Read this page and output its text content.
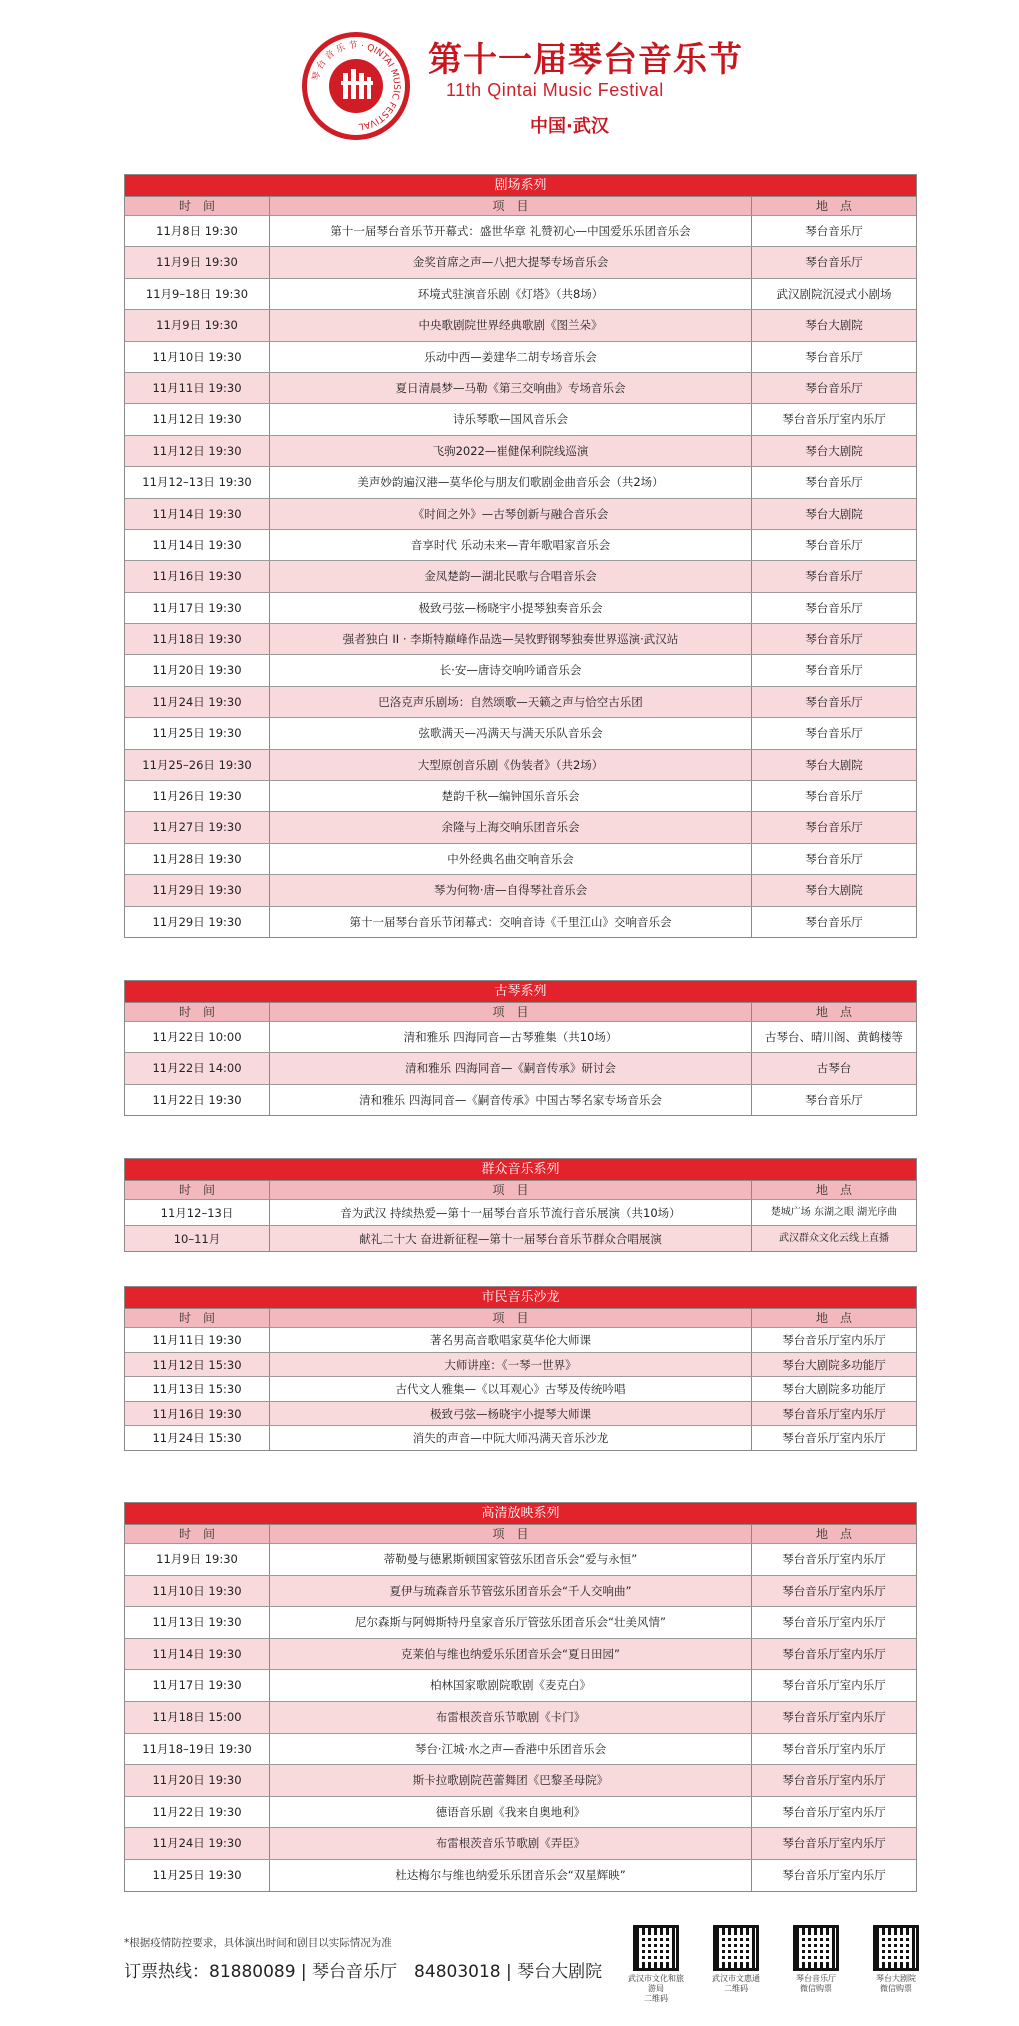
琴 台 音 乐 节 · QINTAI MUSIC FESTIVAL
第十一届琴台音乐节
11th Qintai Music Festival
中国·武汉
剧场系列
时　间	项　目	地　点
11月8日 19:30	第十一届琴台音乐节开幕式：盛世华章 礼赞初心—中国爱乐乐团音乐会	琴台音乐厅
11月9日 19:30	金奖首席之声—八把大提琴专场音乐会	琴台音乐厅
11月9–18日 19:30	环境式驻演音乐剧《灯塔》（共8场）	武汉剧院沉浸式小剧场
11月9日 19:30	中央歌剧院世界经典歌剧《图兰朵》	琴台大剧院
11月10日 19:30	乐动中西—姜建华二胡专场音乐会	琴台音乐厅
11月11日 19:30	夏日清晨梦—马勒《第三交响曲》专场音乐会	琴台音乐厅
11月12日 19:30	诗乐琴歌—国风音乐会	琴台音乐厅室内乐厅
11月12日 19:30	飞驹2022—崔健保利院线巡演	琴台大剧院
11月12–13日 19:30	美声妙韵遍汉港—莫华伦与朋友们歌剧金曲音乐会（共2场）	琴台音乐厅
11月14日 19:30	《时间之外》—古琴创新与融合音乐会	琴台大剧院
11月14日 19:30	音享时代 乐动未来—青年歌唱家音乐会	琴台音乐厅
11月16日 19:30	金凤楚韵—湖北民歌与合唱音乐会	琴台音乐厅
11月17日 19:30	极致弓弦—杨晓宇小提琴独奏音乐会	琴台音乐厅
11月18日 19:30	强者独白 II · 李斯特巅峰作品选—吴牧野钢琴独奏世界巡演·武汉站	琴台音乐厅
11月20日 19:30	长·安—唐诗交响吟诵音乐会	琴台音乐厅
11月24日 19:30	巴洛克声乐剧场：自然颂歌—天籁之声与恰空古乐团	琴台音乐厅
11月25日 19:30	弦歌满天—冯满天与满天乐队音乐会	琴台音乐厅
11月25–26日 19:30	大型原创音乐剧《伪装者》（共2场）	琴台大剧院
11月26日 19:30	楚韵千秋—编钟国乐音乐会	琴台音乐厅
11月27日 19:30	余隆与上海交响乐团音乐会	琴台音乐厅
11月28日 19:30	中外经典名曲交响音乐会	琴台音乐厅
11月29日 19:30	琴为何物·唐—自得琴社音乐会	琴台大剧院
11月29日 19:30	第十一届琴台音乐节闭幕式：交响音诗《千里江山》交响音乐会	琴台音乐厅
古琴系列
时　间	项　目	地　点
11月22日 10:00	清和雅乐 四海同音—古琴雅集（共10场）	古琴台、晴川阁、黄鹤楼等
11月22日 14:00	清和雅乐 四海同音—《嗣音传承》研讨会	古琴台
11月22日 19:30	清和雅乐 四海同音—《嗣音传承》中国古琴名家专场音乐会	琴台音乐厅
群众音乐系列
时　间	项　目	地　点
11月12–13日	音为武汉 持续热爱—第十一届琴台音乐节流行音乐展演（共10场）	楚城广场 东湖之眼 湖光序曲
10–11月	献礼二十大 奋进新征程—第十一届琴台音乐节群众合唱展演	武汉群众文化云线上直播
市民音乐沙龙
时　间	项　目	地　点
11月11日 19:30	著名男高音歌唱家莫华伦大师课	琴台音乐厅室内乐厅
11月12日 15:30	大师讲座：《一琴一世界》	琴台大剧院多功能厅
11月13日 15:30	古代文人雅集—《以耳观心》古琴及传统吟唱	琴台大剧院多功能厅
11月16日 19:30	极致弓弦—杨晓宇小提琴大师课	琴台音乐厅室内乐厅
11月24日 15:30	消失的声音—中阮大师冯满天音乐沙龙	琴台音乐厅室内乐厅
高清放映系列
时　间	项　目	地　点
11月9日 19:30	蒂勒曼与德累斯顿国家管弦乐团音乐会“爱与永恒”	琴台音乐厅室内乐厅
11月10日 19:30	夏伊与琉森音乐节管弦乐团音乐会“千人交响曲”	琴台音乐厅室内乐厅
11月13日 19:30	尼尔森斯与阿姆斯特丹皇家音乐厅管弦乐团音乐会“壮美风情”	琴台音乐厅室内乐厅
11月14日 19:30	克莱伯与维也纳爱乐乐团音乐会“夏日田园”	琴台音乐厅室内乐厅
11月17日 19:30	柏林国家歌剧院歌剧《麦克白》	琴台音乐厅室内乐厅
11月18日 15:00	布雷根茨音乐节歌剧《卡门》	琴台音乐厅室内乐厅
11月18–19日 19:30	琴台·江城·水之声—香港中乐团音乐会	琴台音乐厅室内乐厅
11月20日 19:30	斯卡拉歌剧院芭蕾舞团《巴黎圣母院》	琴台音乐厅室内乐厅
11月22日 19:30	德语音乐剧《我来自奥地利》	琴台音乐厅室内乐厅
11月24日 19:30	布雷根茨音乐节歌剧《弄臣》	琴台音乐厅室内乐厅
11月25日 19:30	杜达梅尔与维也纳爱乐乐团音乐会“双星辉映”	琴台音乐厅室内乐厅
*根据疫情防控要求，具体演出时间和剧目以实际情况为准
订票热线：81880089 | 琴台音乐厅　84803018 | 琴台大剧院	武汉市文化和旅游局
二维码
武汉市文惠通
二维码
琴台音乐厅
微信购票
琴台大剧院
微信购票
